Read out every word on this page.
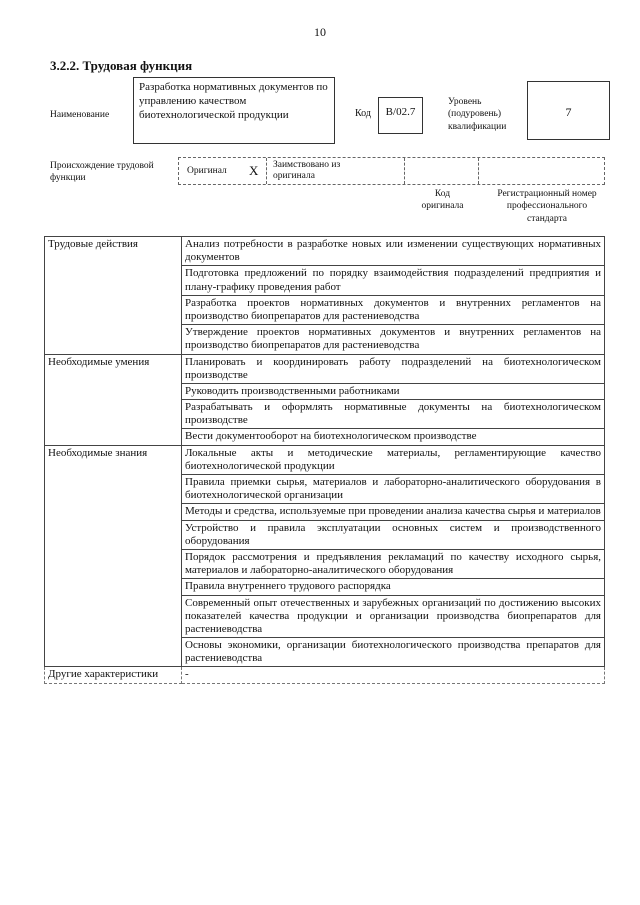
10
3.2.2. Трудовая функция
Наименование
Разработка нормативных документов по управлению качеством биотехнологической продукции	Код	B/02.7
Уровень
(подуровень)
квалификации
7
Происхождение трудовой
функции
Оригинал X Заимствовано из
оригинала
Код
оригинала
Регистрационный номер
профессионального
стандарта
Трудовые действия	Анализ потребности в разработке новых или изменении существующих нормативных документов
	Подготовка предложений по порядку взаимодействия подразделений предприятия и плану-графику проведения работ
	Разработка проектов нормативных документов и внутренних регламентов на производство биопрепаратов для растениеводства
	Утверждение проектов нормативных документов и внутренних регламентов на производство биопрепаратов для растениеводства
Необходимые умения	Планировать и координировать работу подразделений на биотехнологическом производстве
	Руководить производственными работниками
	Разрабатывать и оформлять нормативные документы на биотехнологическом производстве
	Вести документооборот на биотехнологическом производстве
Необходимые знания	Локальные акты и методические материалы, регламентирующие качество биотехнологической продукции
	Правила приемки сырья, материалов и лабораторно-аналитического оборудования в биотехнологической организации
	Методы и средства, используемые при проведении анализа качества сырья и материалов
	Устройство и правила эксплуатации основных систем и производственного оборудования
	Порядок рассмотрения и предъявления рекламаций по качеству исходного сырья, материалов и лабораторно-аналитического оборудования
	Правила внутреннего трудового распорядка
	Современный опыт отечественных и зарубежных организаций по достижению высоких показателей качества продукции и организации производства биопрепаратов для растениеводства
	Основы экономики, организации биотехнологического производства препаратов для растениеводства
Другие характеристики	-
